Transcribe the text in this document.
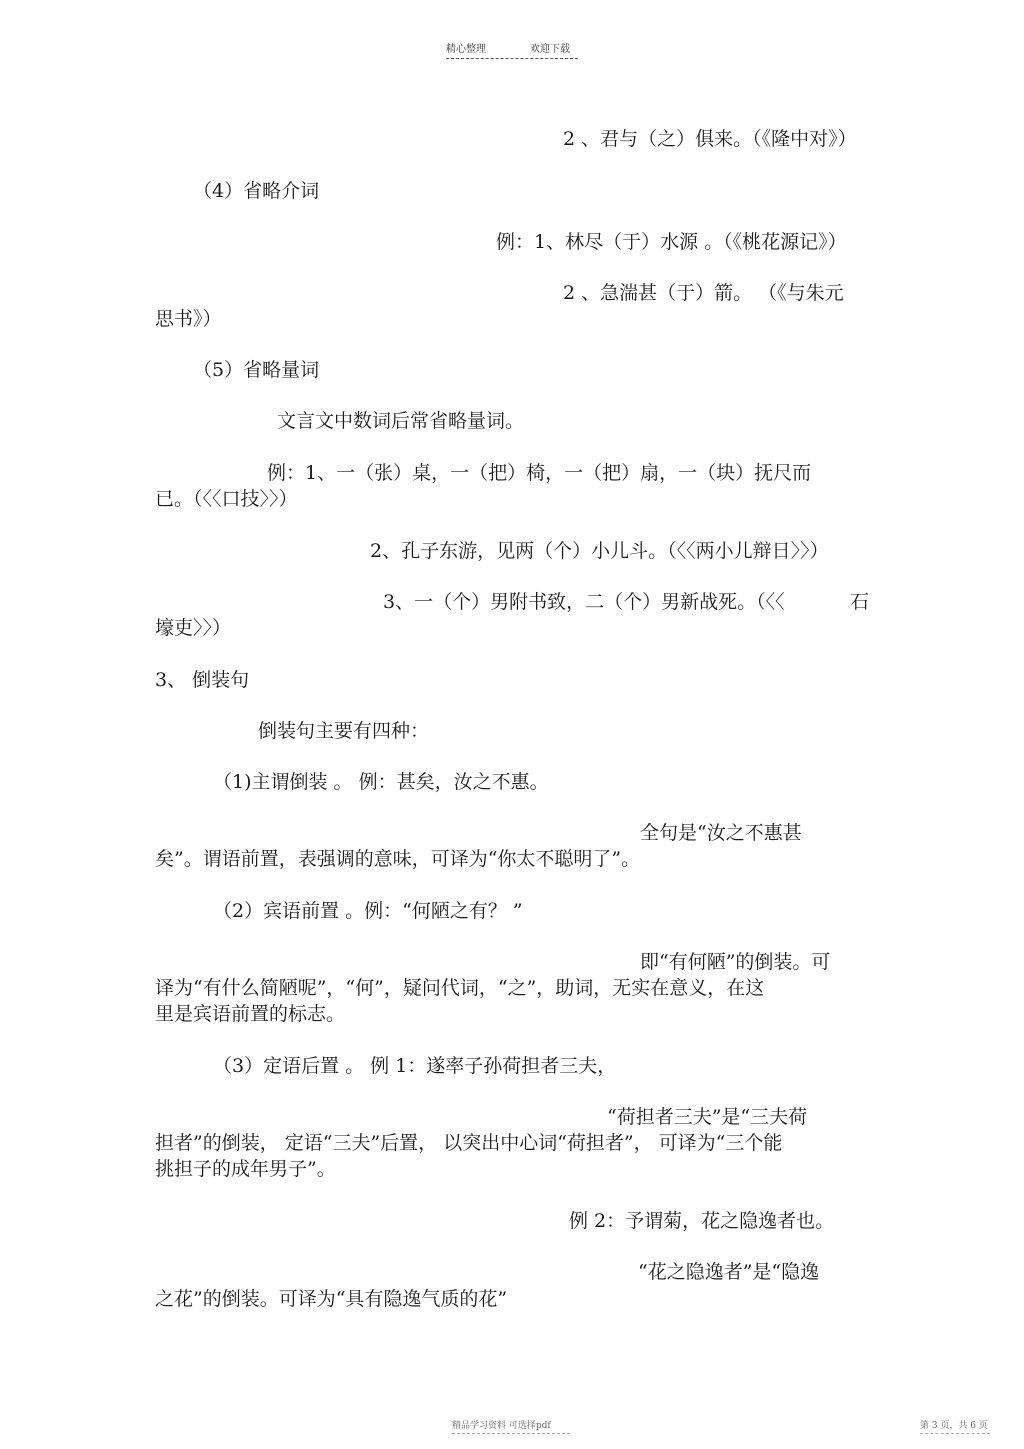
精心整理	欢迎下载
2 、君与（之）俱来。（《隆中对》）
（4）省略介词
例：1、林尽（于）水源 。（《桃花源记》）
2 、急湍甚（于）箭。 （《与朱元
思书》）
（5）省略量词
文言文中数词后常省略量词。
例：1、一（张）桌，一（把）椅，一（把）扇，一（块）抚尺而
已。（〈〈口技〉〉）
2、孔子东游，见两（个）小儿斗。（〈〈两小儿辩日〉〉）
3、一（个）男附书致，二（个）男新战死。（〈〈	石
壕吏〉〉）
3、 倒装句
倒装句主要有四种：
（1)主谓倒装 。 例：甚矣，汝之不惠。
全句是“汝之不惠甚
矣”。谓语前置，表强调的意味，可译为“你太不聪明了”。
（2）宾语前置 。例：“何陋之有？ ”
即“有何陋”的倒装。可
译为“有什么简陋呢”，“何”，疑问代词，“之”，助词，无实在意义，在这
里是宾语前置的标志。
（3）定语后置 。 例 1：遂率子孙荷担者三夫，
“荷担者三夫”是“三夫荷
担者”的倒装， 定语“三夫”后置， 以突出中心词“荷担者”， 可译为“三个能
挑担子的成年男子”。
例 2：予谓菊，花之隐逸者也。
“花之隐逸者”是“隐逸
之花”的倒装。可译为“具有隐逸气质的花”
精品学习资料 可选择pdf	第 3 页，共 6 页
